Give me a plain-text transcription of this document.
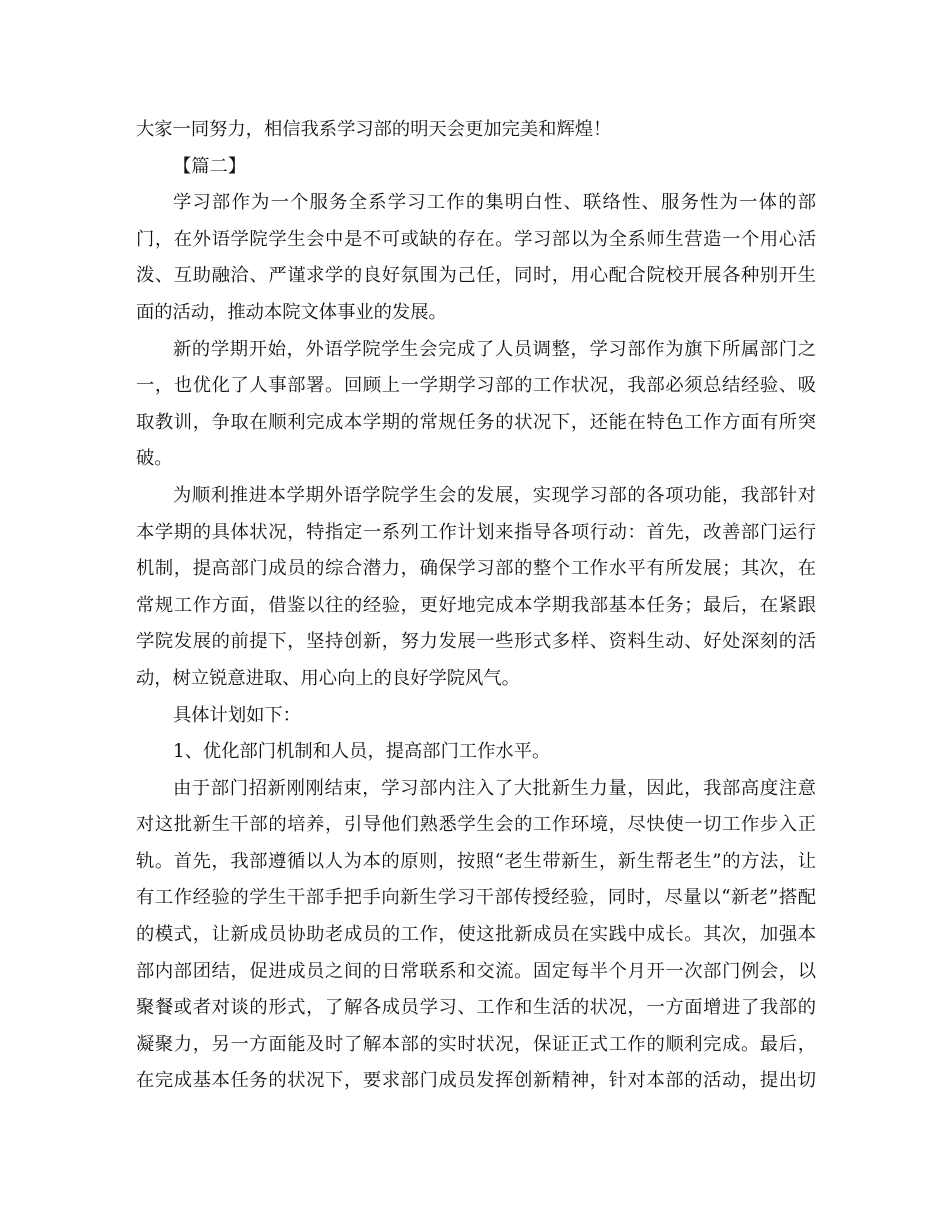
大家一同努力，相信我系学习部的明天会更加完美和辉煌！
【篇二】
学习部作为一个服务全系学习工作的集明白性、联络性、服务性为一体的部
门，在外语学院学生会中是不可或缺的存在。学习部以为全系师生营造一个用心活
泼、互助融洽、严谨求学的良好氛围为己任，同时，用心配合院校开展各种别开生
面的活动，推动本院文体事业的发展。
新的学期开始，外语学院学生会完成了人员调整，学习部作为旗下所属部门之
一，也优化了人事部署。回顾上一学期学习部的工作状况，我部必须总结经验、吸
取教训，争取在顺利完成本学期的常规任务的状况下，还能在特色工作方面有所突
破。
为顺利推进本学期外语学院学生会的发展，实现学习部的各项功能，我部针对
本学期的具体状况，特指定一系列工作计划来指导各项行动：首先，改善部门运行
机制，提高部门成员的综合潜力，确保学习部的整个工作水平有所发展；其次，在
常规工作方面，借鉴以往的经验，更好地完成本学期我部基本任务；最后，在紧跟
学院发展的前提下，坚持创新，努力发展一些形式多样、资料生动、好处深刻的活
动，树立锐意进取、用心向上的良好学院风气。
具体计划如下：
1、优化部门机制和人员，提高部门工作水平。
由于部门招新刚刚结束，学习部内注入了大批新生力量，因此，我部高度注意
对这批新生干部的培养，引导他们熟悉学生会的工作环境，尽快使一切工作步入正
轨。首先，我部遵循以人为本的原则，按照“老生带新生，新生帮老生”的方法，让
有工作经验的学生干部手把手向新生学习干部传授经验，同时，尽量以“新老”搭配
的模式，让新成员协助老成员的工作，使这批新成员在实践中成长。其次，加强本
部内部团结，促进成员之间的日常联系和交流。固定每半个月开一次部门例会，以
聚餐或者对谈的形式，了解各成员学习、工作和生活的状况，一方面增进了我部的
凝聚力，另一方面能及时了解本部的实时状况，保证正式工作的顺利完成。最后，
在完成基本任务的状况下，要求部门成员发挥创新精神，针对本部的活动，提出切
